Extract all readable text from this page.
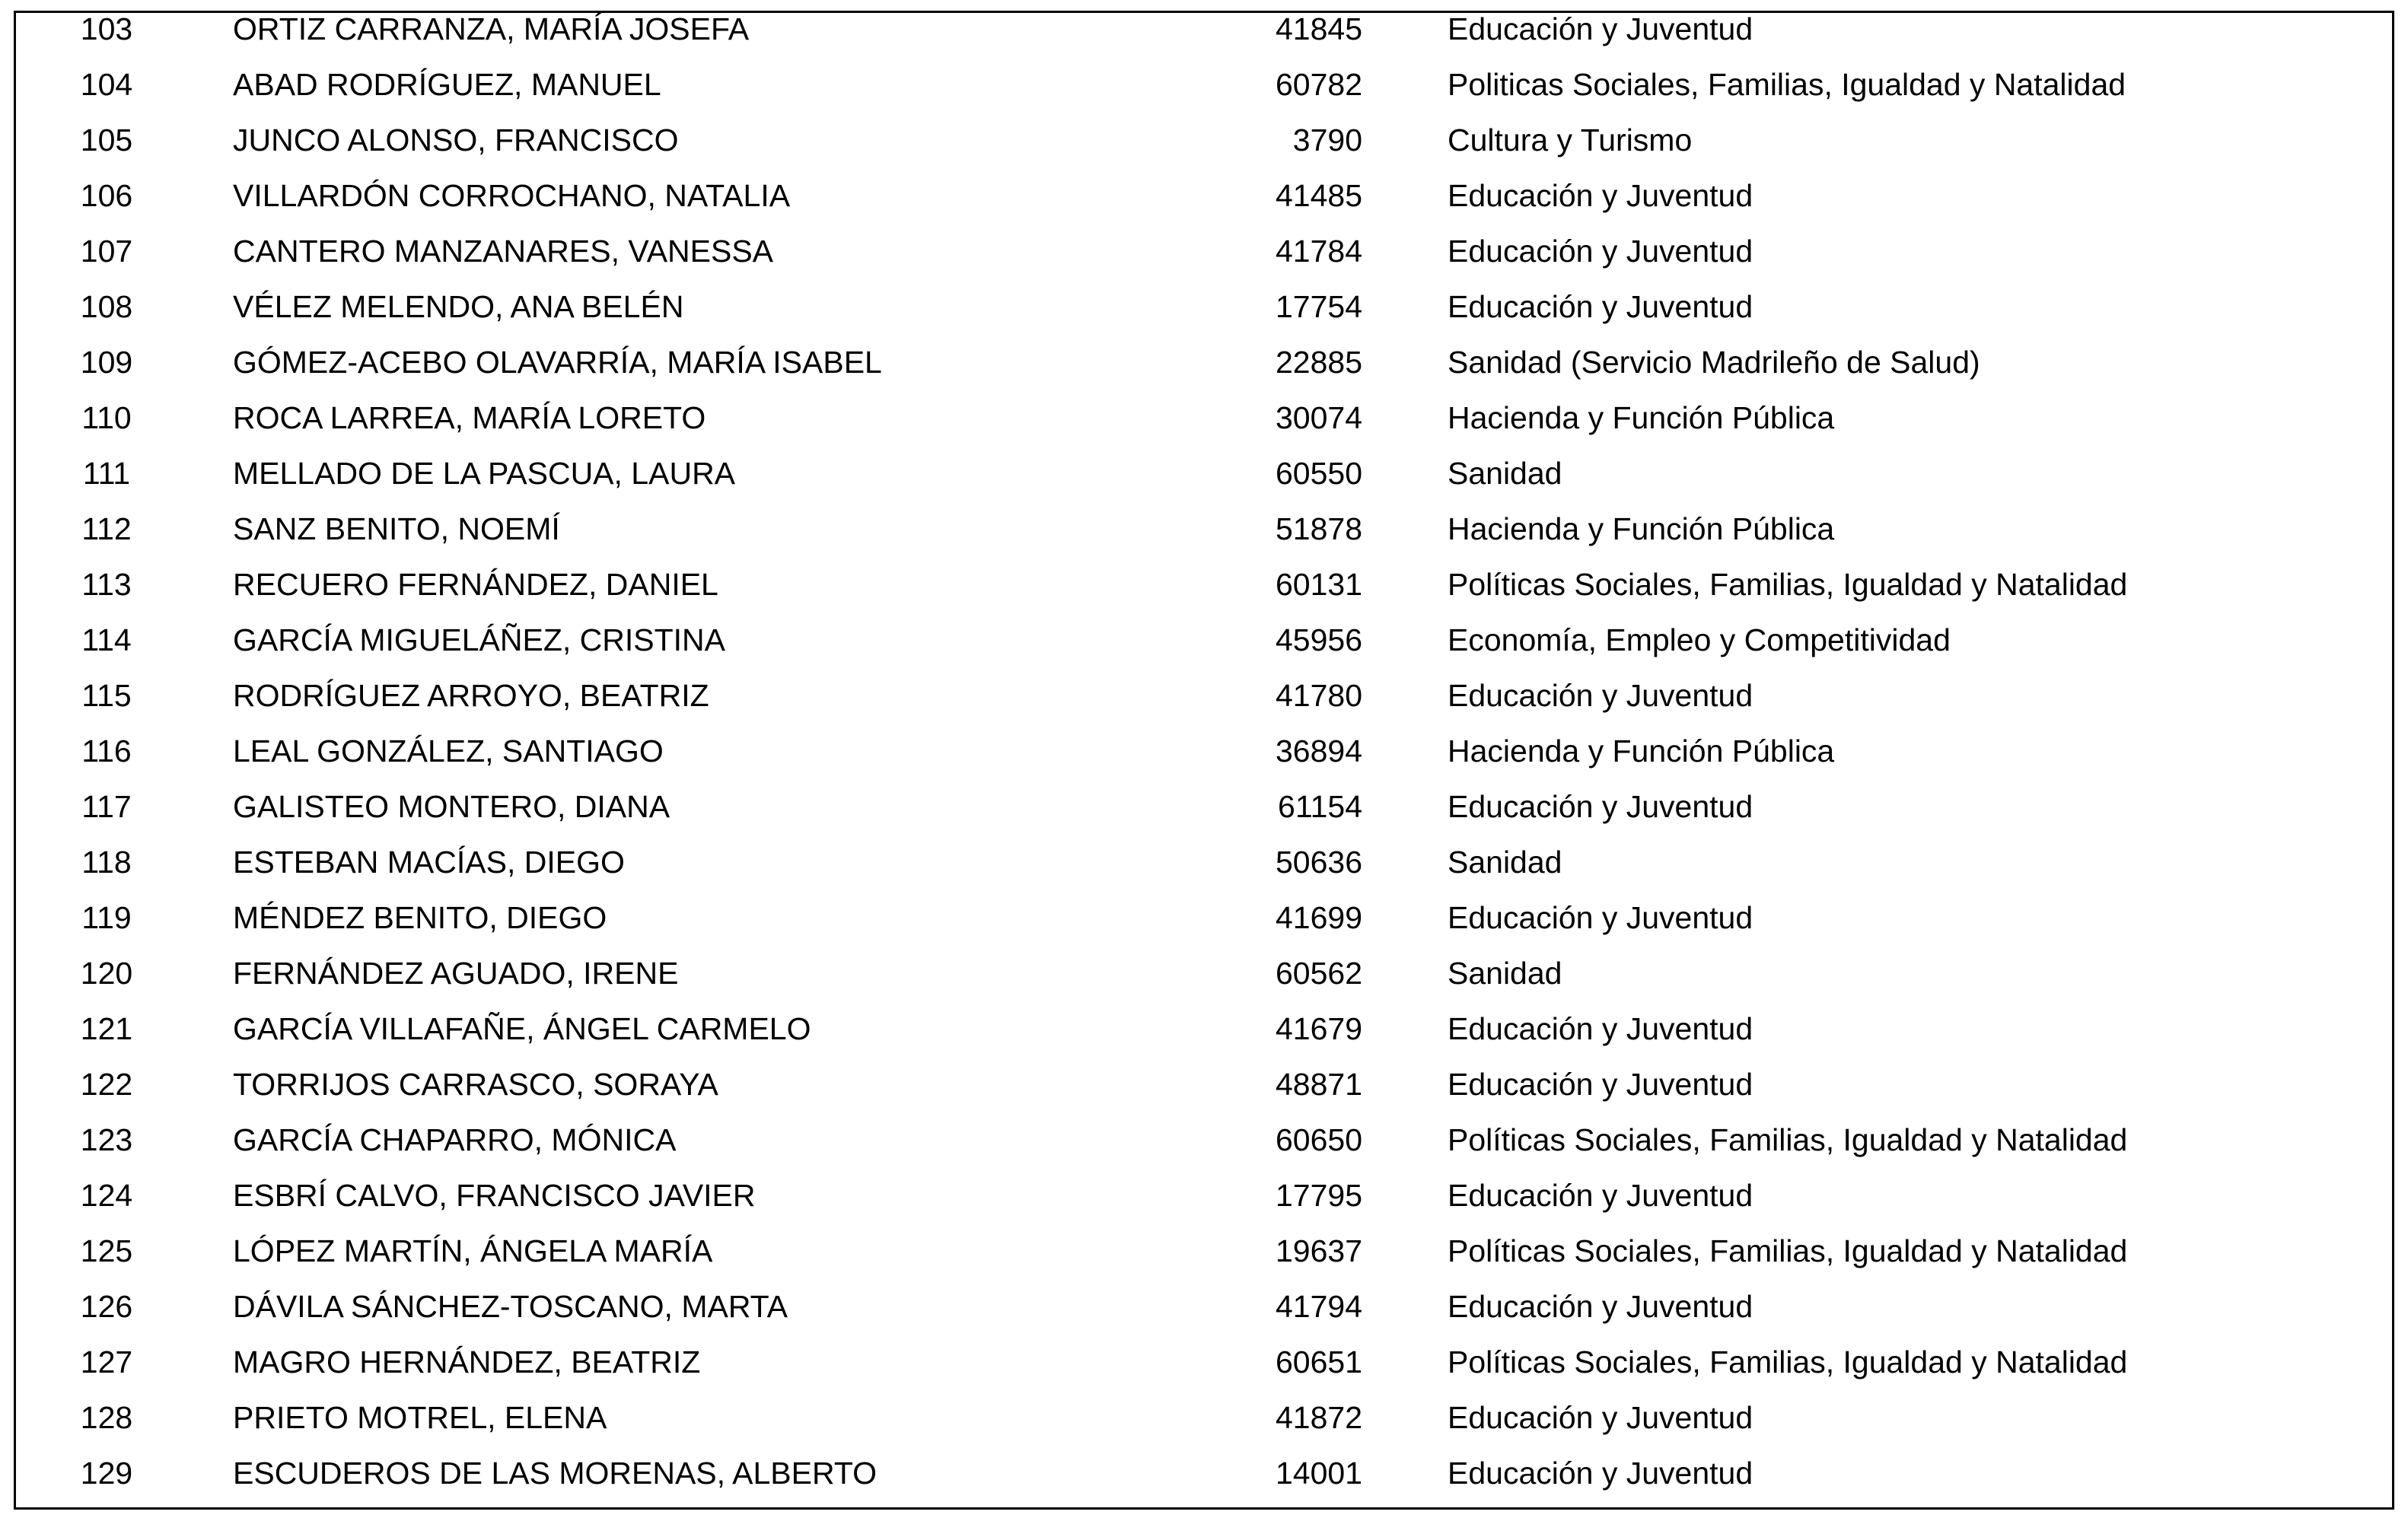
103	ORTIZ CARRANZA, MARÍA JOSEFA	41845	Educación y Juventud
104	ABAD RODRÍGUEZ, MANUEL	60782	Politicas Sociales, Familias, Igualdad y Natalidad
105	JUNCO ALONSO, FRANCISCO	3790	Cultura y Turismo
106	VILLARDÓN CORROCHANO, NATALIA	41485	Educación y Juventud
107	CANTERO MANZANARES, VANESSA	41784	Educación y Juventud
108	VÉLEZ MELENDO, ANA BELÉN	17754	Educación y Juventud
109	GÓMEZ-ACEBO OLAVARRÍA, MARÍA ISABEL	22885	Sanidad (Servicio Madrileño de Salud)
110	ROCA LARREA, MARÍA LORETO	30074	Hacienda y Función Pública
111	MELLADO DE LA PASCUA, LAURA	60550	Sanidad
112	SANZ BENITO, NOEMÍ	51878	Hacienda y Función Pública
113	RECUERO FERNÁNDEZ, DANIEL	60131	Políticas Sociales, Familias, Igualdad y Natalidad
114	GARCÍA MIGUELÁÑEZ, CRISTINA	45956	Economía, Empleo y Competitividad
115	RODRÍGUEZ ARROYO, BEATRIZ	41780	Educación y Juventud
116	LEAL GONZÁLEZ, SANTIAGO	36894	Hacienda y Función Pública
117	GALISTEO MONTERO, DIANA	61154	Educación y Juventud
118	ESTEBAN MACÍAS, DIEGO	50636	Sanidad
119	MÉNDEZ BENITO, DIEGO	41699	Educación y Juventud
120	FERNÁNDEZ AGUADO, IRENE	60562	Sanidad
121	GARCÍA VILLAFAÑE, ÁNGEL CARMELO	41679	Educación y Juventud
122	TORRIJOS CARRASCO, SORAYA	48871	Educación y Juventud
123	GARCÍA CHAPARRO, MÓNICA	60650	Políticas Sociales, Familias, Igualdad y Natalidad
124	ESBRÍ CALVO, FRANCISCO JAVIER	17795	Educación y Juventud
125	LÓPEZ MARTÍN, ÁNGELA MARÍA	19637	Políticas Sociales, Familias, Igualdad y Natalidad
126	DÁVILA SÁNCHEZ-TOSCANO, MARTA	41794	Educación y Juventud
127	MAGRO HERNÁNDEZ, BEATRIZ	60651	Políticas Sociales, Familias, Igualdad y Natalidad
128	PRIETO MOTREL, ELENA	41872	Educación y Juventud
129	ESCUDEROS DE LAS MORENAS, ALBERTO	14001	Educación y Juventud
